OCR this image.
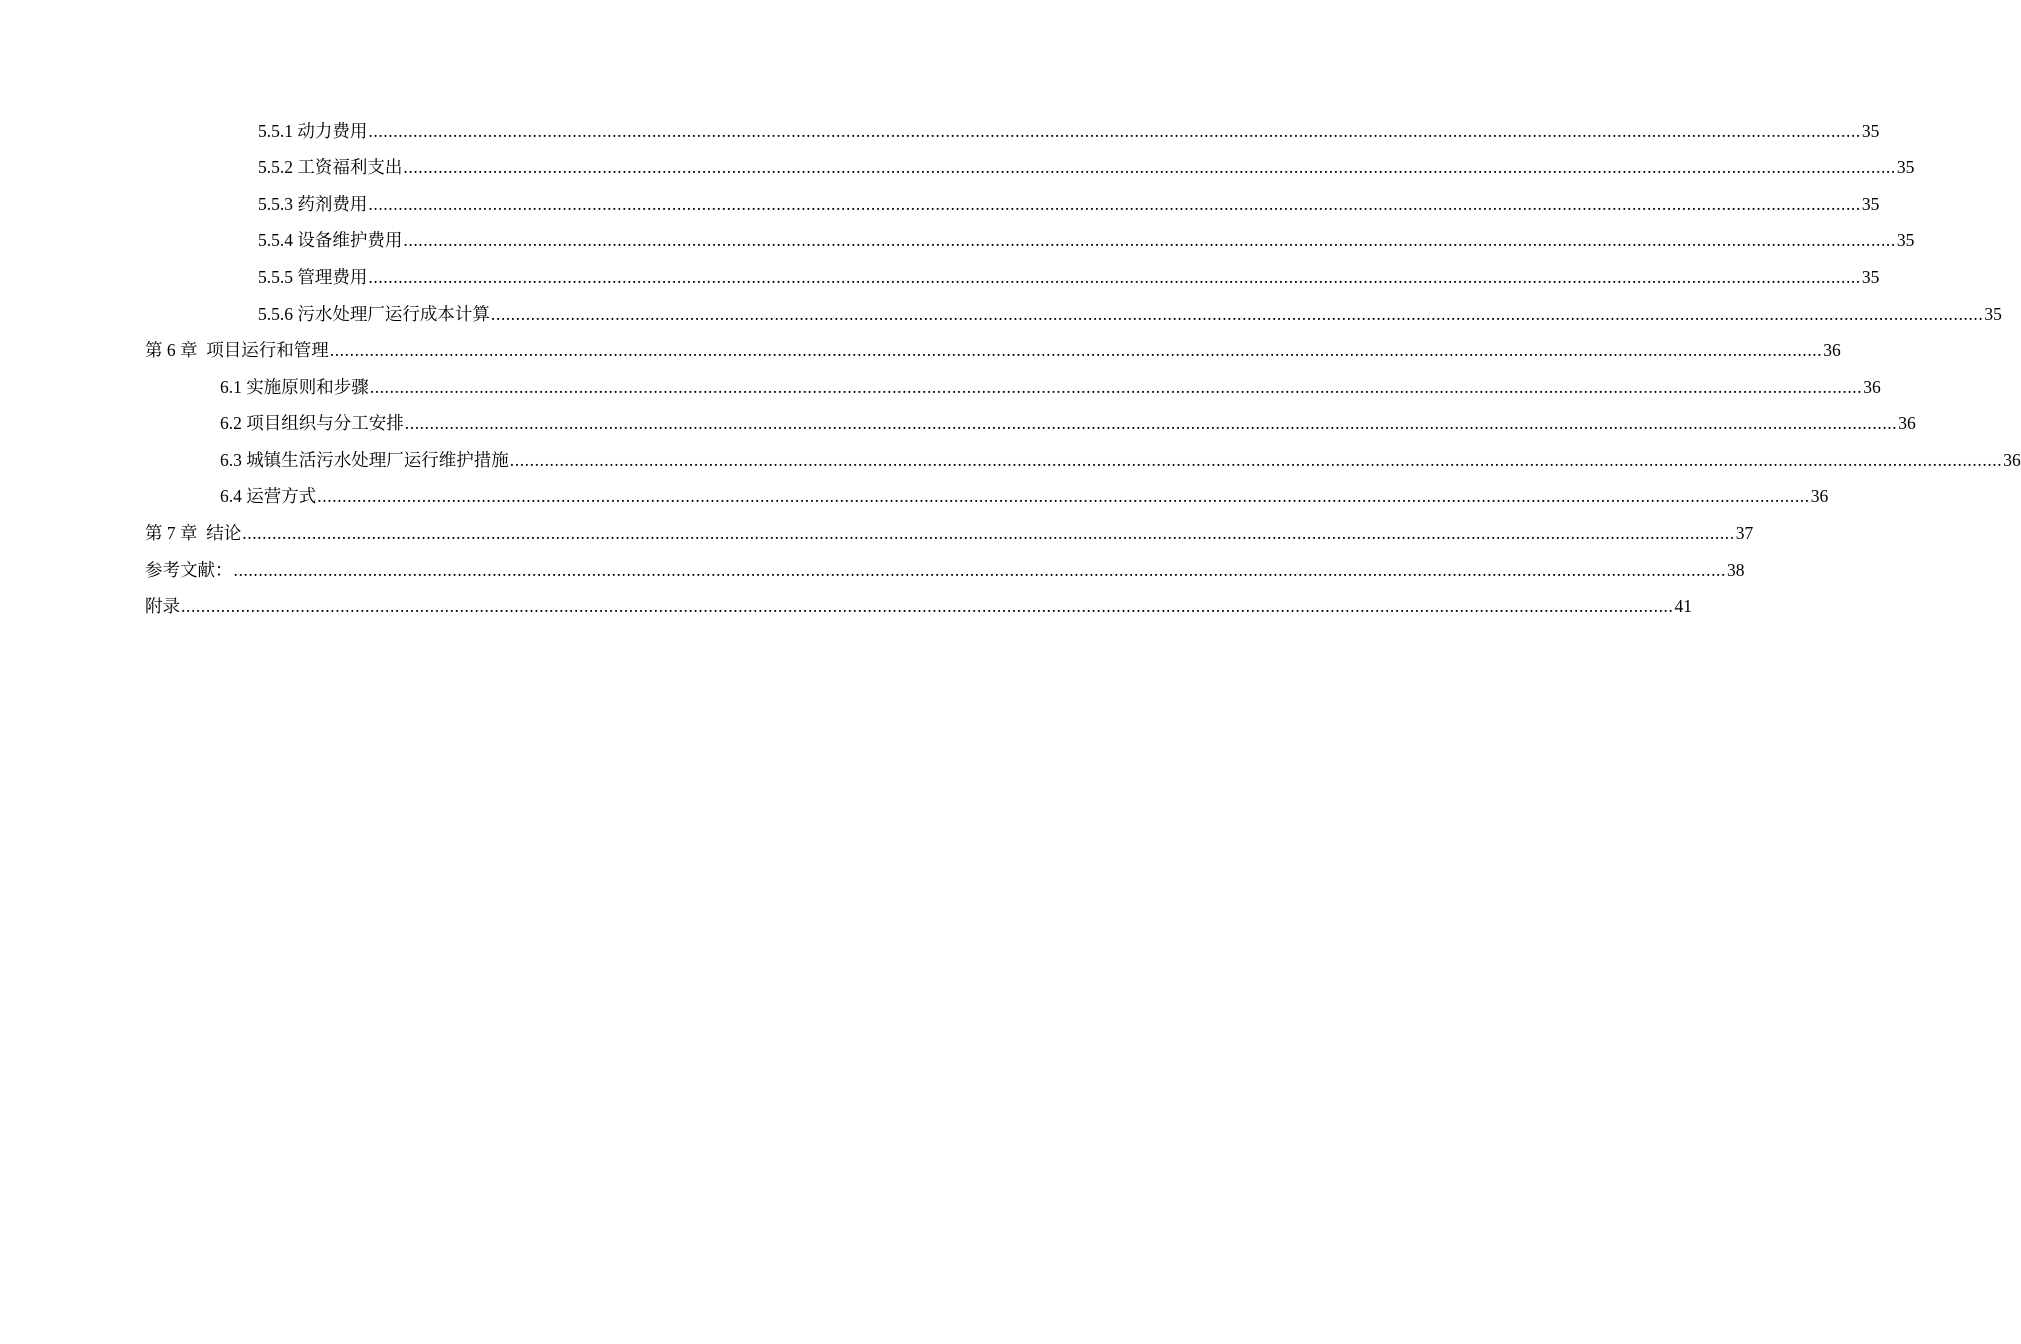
5.5.1 动力费用 ............................................................................................................................................................................................................................................................................................................ 35
5.5.2 工资福利支出 ............................................................................................................................................................................................................................................................................................................ 35
5.5.3 药剂费用 ............................................................................................................................................................................................................................................................................................................ 35
5.5.4 设备维护费用 ............................................................................................................................................................................................................................................................................................................ 35
5.5.5 管理费用 ............................................................................................................................................................................................................................................................................................................ 35
5.5.6 污水处理厂运行成本计算 ............................................................................................................................................................................................................................................................................................................ 35
第 6 章  项目运行和管理 ............................................................................................................................................................................................................................................................................................................ 36
6.1 实施原则和步骤 ............................................................................................................................................................................................................................................................................................................ 36
6.2 项目组织与分工安排 ............................................................................................................................................................................................................................................................................................................ 36
6.3 城镇生活污水处理厂运行维护措施 ............................................................................................................................................................................................................................................................................................................ 36
6.4 运营方式 ............................................................................................................................................................................................................................................................................................................ 36
第 7 章  结论 ............................................................................................................................................................................................................................................................................................................ 37
参考文献： ............................................................................................................................................................................................................................................................................................................ 38
附录 ............................................................................................................................................................................................................................................................................................................ 41
